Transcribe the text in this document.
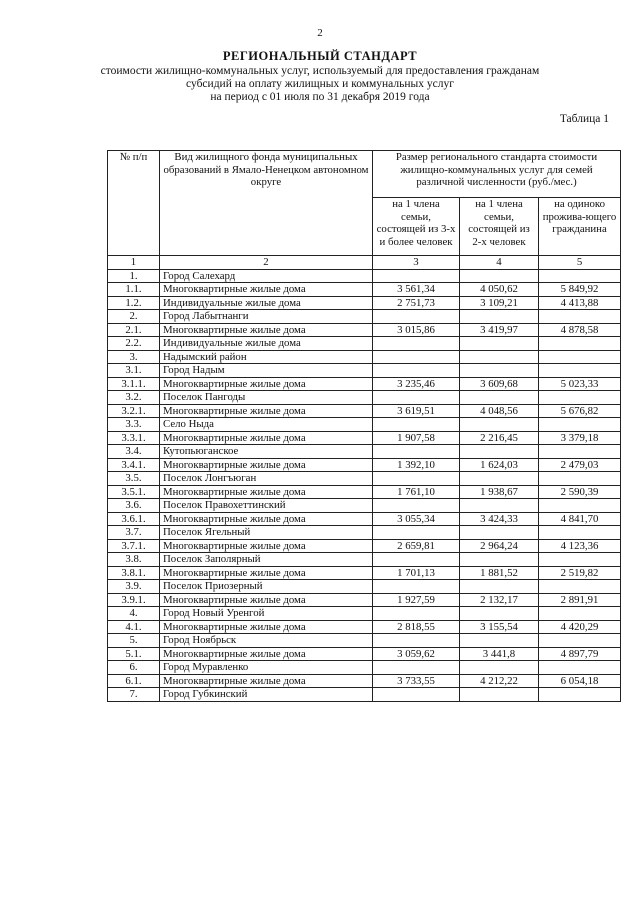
2
РЕГИОНАЛЬНЫЙ СТАНДАРТ
стоимости жилищно-коммунальных услуг, используемый для предоставления гражданам
субсидий на оплату жилищных и коммунальных услуг
на период с 01 июля по 31 декабря 2019 года
Таблица 1
№ п/п	Вид жилищного фонда муниципальных образований в Ямало-Ненецком автономном округе	Размер регионального стандарта стоимости жилищно-коммунальных услуг для семей различной численности (руб./мес.)		
		на 1 члена семьи, состоящей из 3-х и более человек	на 1 члена семьи, состоящей из 2-х человек	на одиноко прожива-ющего гражданина
1	2	3	4	5
1.	Город Салехард			
1.1.	Многоквартирные жилые дома	3 561,34	4 050,62	5 849,92
1.2.	Индивидуальные жилые дома	2 751,73	3 109,21	4 413,88
2.	Город Лабытнанги			
2.1.	Многоквартирные жилые дома	3 015,86	3 419,97	4 878,58
2.2.	Индивидуальные жилые дома			
3.	Надымский район			
3.1.	Город Надым			
3.1.1.	Многоквартирные жилые дома	3 235,46	3 609,68	5 023,33
3.2.	Поселок Пангоды			
3.2.1.	Многоквартирные жилые дома	3 619,51	4 048,56	5 676,82
3.3.	Село Ныда			
3.3.1.	Многоквартирные жилые дома	1 907,58	2 216,45	3 379,18
3.4.	Кутопьюганское			
3.4.1.	Многоквартирные жилые дома	1 392,10	1 624,03	2 479,03
3.5.	Поселок Лонгъюган			
3.5.1.	Многоквартирные жилые дома	1 761,10	1 938,67	2 590,39
3.6.	Поселок Правохеттинский			
3.6.1.	Многоквартирные жилые дома	3 055,34	3 424,33	4 841,70
3.7.	Поселок Ягельный			
3.7.1.	Многоквартирные жилые дома	2 659,81	2 964,24	4 123,36
3.8.	Поселок Заполярный			
3.8.1.	Многоквартирные жилые дома	1 701,13	1 881,52	2 519,82
3.9.	Поселок Приозерный			
3.9.1.	Многоквартирные жилые дома	1 927,59	2 132,17	2 891,91
4.	Город Новый Уренгой			
4.1.	Многоквартирные жилые дома	2 818,55	3 155,54	4 420,29
5.	Город Ноябрьск			
5.1.	Многоквартирные жилые дома	3 059,62	3 441,8	4 897,79
6.	Город Муравленко			
6.1.	Многоквартирные жилые дома	3 733,55	4 212,22	6 054,18
7.	Город Губкинский			
